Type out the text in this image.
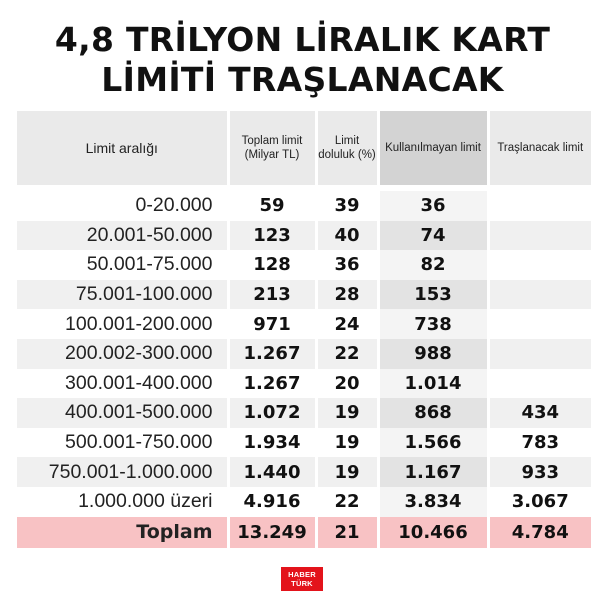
4,8 TRİLYON LİRALIK KART
LİMİTİ TRAŞLANACAK
Limit aralığı	Toplam limit (Milyar TL)	Limit doluluk (%)	Kullanılmayan limit	Traşlanacak limit

0-20.000	59	39	36	
20.001-50.000	123	40	74	
50.001-75.000	128	36	82	
75.001-100.000	213	28	153	
100.001-200.000	971	24	738	
200.002-300.000	1.267	22	988	
300.001-400.000	1.267	20	1.014	
400.001-500.000	1.072	19	868	434
500.001-750.000	1.934	19	1.566	783
750.001-1.000.000	1.440	19	1.167	933
1.000.000 üzeri	4.916	22	3.834	3.067
Toplam	13.249	21	10.466	4.784
HABER
TÜRK
